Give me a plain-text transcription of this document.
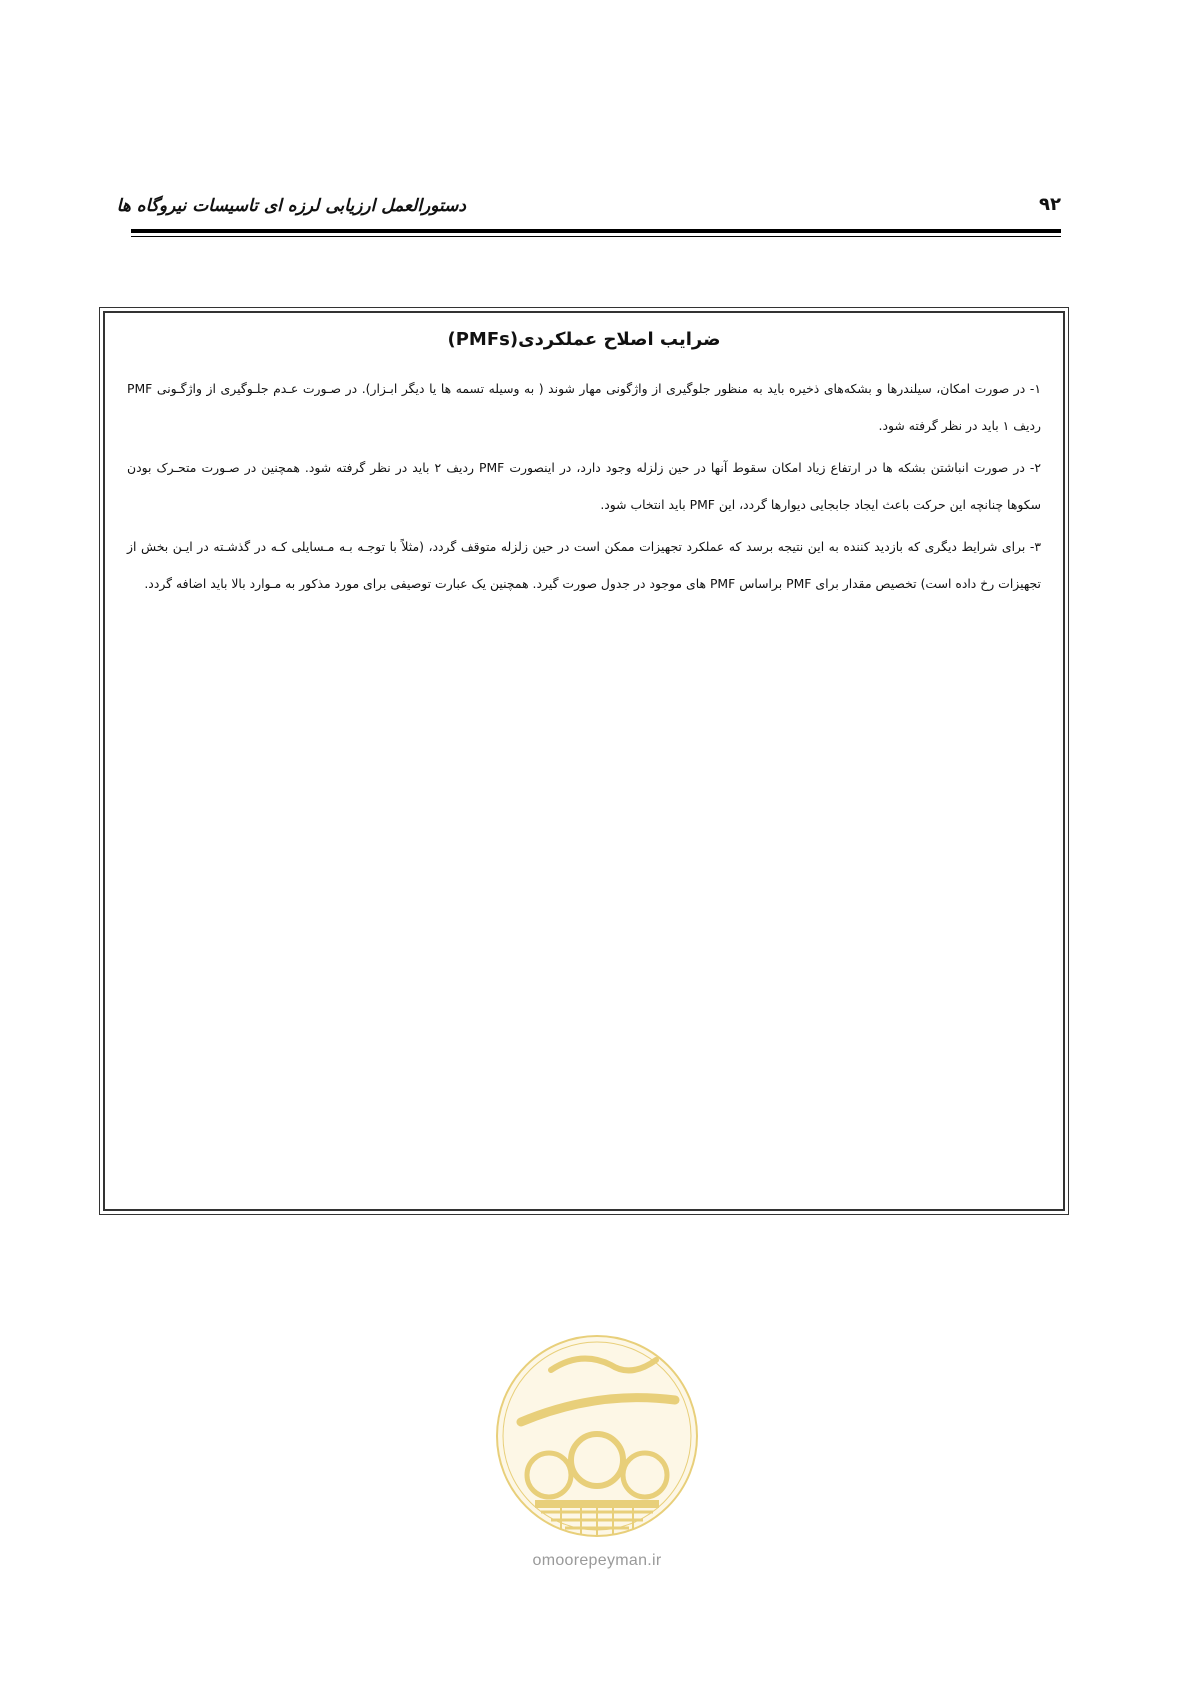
دستورالعمل ارزیابی لرزه ای تاسیسات نیروگاه ها	۹۲
ضرایب اصلاح عملکردی(PMFs)

۱- در صورت امکان، سیلندرها و بشکه‌های ذخیره باید به منظور جلوگیری از واژگونی مهار شوند ( به وسیله تسمه ها یا دیگر ابـزار). در صـورت عـدم جلـوگیری از واژگـونی PMF ردیف ۱ باید در نظر گرفته شود.

۲- در صورت انباشتن بشکه ها در ارتفاع زیاد امکان سقوط آنها در حین زلزله وجود دارد، در اینصورت PMF ردیف ۲ باید در نظر گرفته شود. همچنین در صـورت متحـرک بودن سکوها چنانچه این حرکت باعث ایجاد جابجایی دیوارها گردد، این PMF باید انتخاب شود.

۳- برای شرایط دیگری که بازدید کننده به این نتیجه برسد که عملکرد تجهیزات ممکن است در حین زلزله متوقف گردد، (مثلاً با توجـه بـه مـسایلی کـه در گذشـته در ایـن بخش از تجهیزات رخ داده است) تخصیص مقدار برای PMF براساس PMF های موجود در جدول صورت گیرد. همچنین یک عبارت توصیفی برای مورد مذکور به مـوارد بالا باید اضافه گردد.

omoorepeyman.ir
